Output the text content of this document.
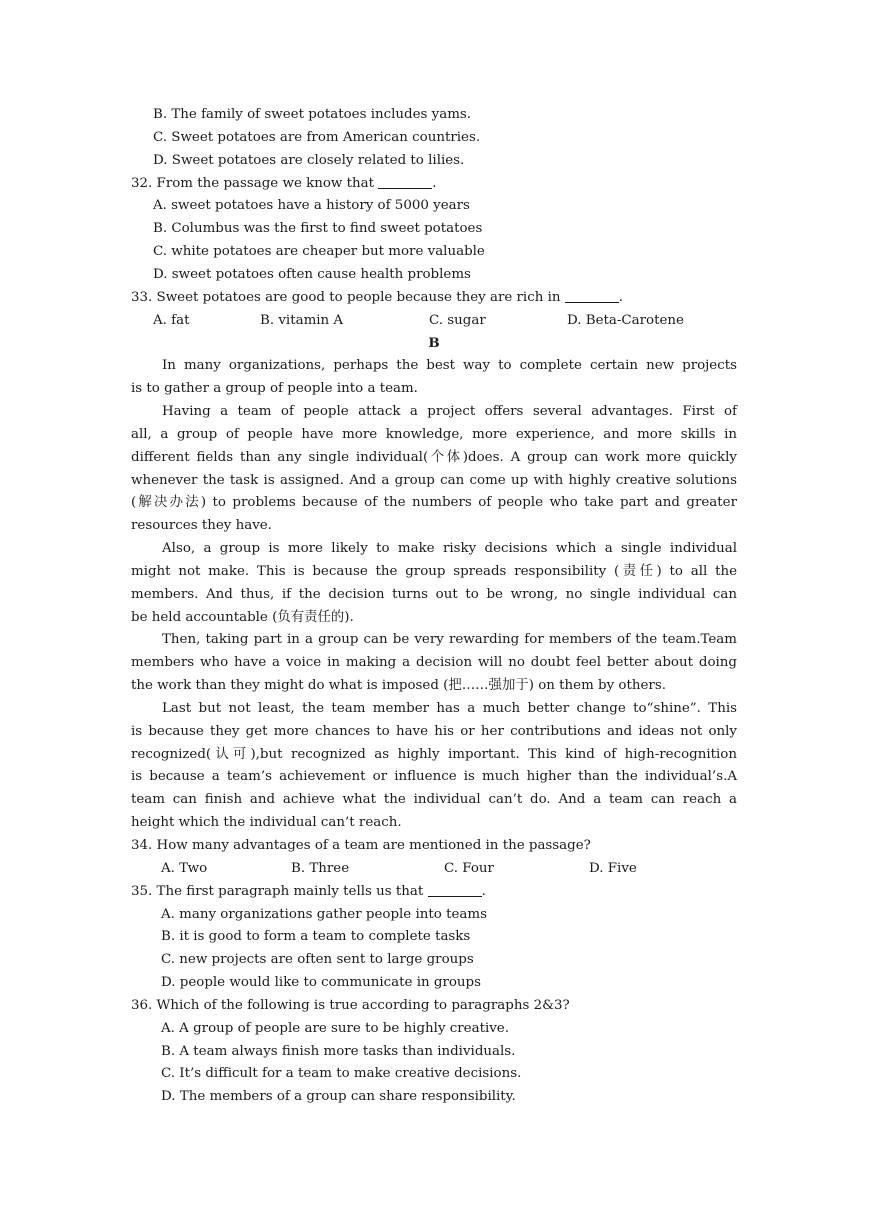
B. The family of sweet potatoes includes yams.
C. Sweet potatoes are from American countries.
D. Sweet potatoes are closely related to lilies.
32. From the passage we know that	.
A. sweet potatoes have a history of 5000 years
B. Columbus was the first to find sweet potatoes
C. white potatoes are cheaper but more valuable
D. sweet potatoes often cause health problems
33. Sweet potatoes are good to people because they are rich in	.
A. fat	B. vitamin A	C. sugar	D. Beta-Carotene
B
In many organizations, perhaps the best way to complete certain new projects
is to gather a group of people into a team.
Having a team of people attack a project offers several advantages. First of
all, a group of people have more knowledge, more experience, and more skills in
different fields than any single individual(个体)does. A group can work more quickly
whenever the task is assigned. And a group can come up with highly creative solutions
(解决办法) to problems because of the numbers of people who take part and greater
resources they have.
Also, a group is more likely to make risky decisions which a single individual
might not make. This is because the group spreads responsibility (责任) to all the
members. And thus, if the decision turns out to be wrong, no single individual can
be held accountable (负有责任的).
Then, taking part in a group can be very rewarding for members of the team.Team
members who have a voice in making a decision will no doubt feel better about doing
the work than they might do what is imposed (把……强加于) on them by others.
Last but not least, the team member has a much better change to“shine”. This
is because they get more chances to have his or her contributions and ideas not only
recognized(认可),but recognized as highly important. This kind of high-recognition
is because a team’s achievement or influence is much higher than the individual’s.A
team can finish and achieve what the individual can’t do. And a team can reach a
height which the individual can’t reach.
34. How many advantages of a team are mentioned in the passage?
A. Two	B. Three	C. Four	D. Five
35. The first paragraph mainly tells us that	.
A. many organizations gather people into teams
B. it is good to form a team to complete tasks
C. new projects are often sent to large groups
D. people would like to communicate in groups
36. Which of the following is true according to paragraphs 2&3?
A. A group of people are sure to be highly creative.
B. A team always finish more tasks than individuals.
C. It’s difficult for a team to make creative decisions.
D. The members of a group can share responsibility.
